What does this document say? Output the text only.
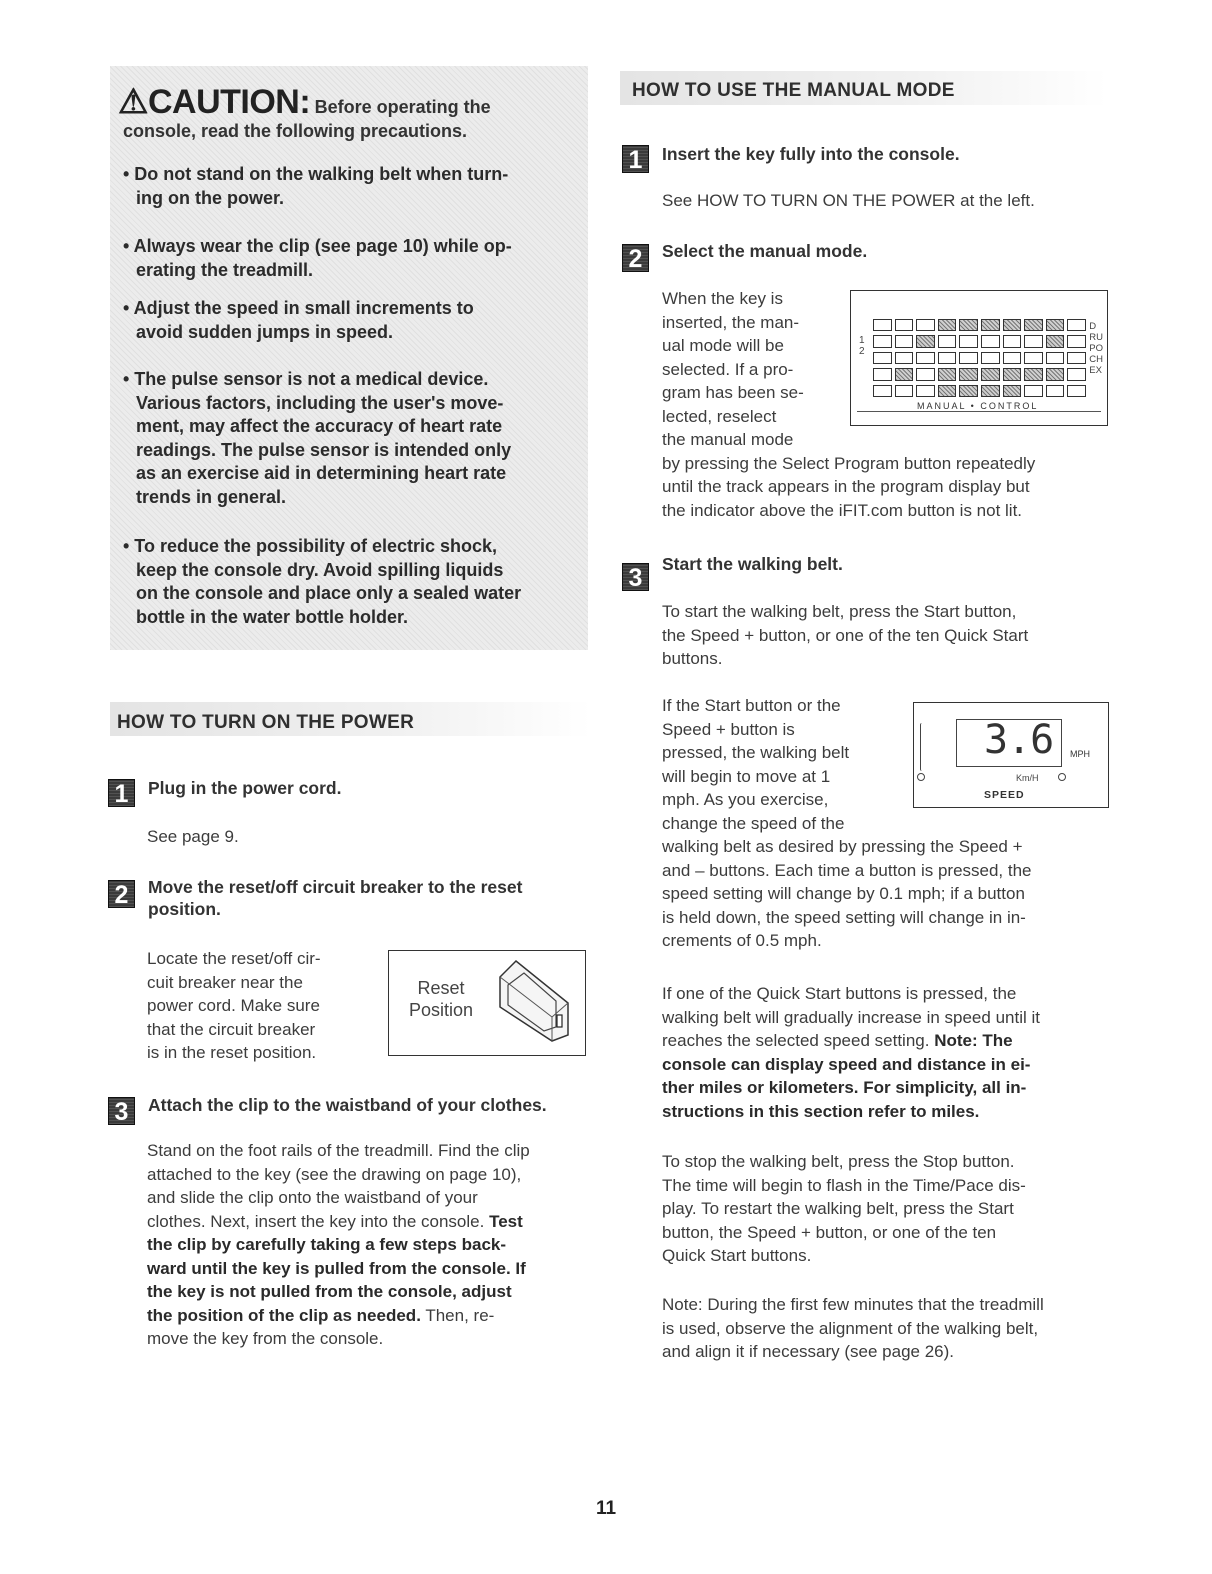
⚠CAUTION: Before operating the
console, read the following precautions.
• Do not stand on the walking belt when turn-
ing on the power.
• Always wear the clip (see page 10) while op-
erating the treadmill.
• Adjust the speed in small increments to
avoid sudden jumps in speed.
• The pulse sensor is not a medical device.
Various factors, including the user's move-
ment, may affect the accuracy of heart rate
readings. The pulse sensor is intended only
as an exercise aid in determining heart rate
trends in general.
• To reduce the possibility of electric shock,
keep the console dry. Avoid spilling liquids
on the console and place only a sealed water
bottle in the water bottle holder.
HOW TO TURN ON THE POWER
1	Plug in the power cord.
See page 9.
2	Move the reset/off circuit breaker to the reset
position.
Locate the reset/off cir-
cuit breaker near the
power cord. Make sure
that the circuit breaker
is in the reset position.
Reset
Position
3	Attach the clip to the waistband of your clothes.
Stand on the foot rails of the treadmill. Find the clip
attached to the key (see the drawing on page 10),
and slide the clip onto the waistband of your
clothes. Next, insert the key into the console. Test
the clip by carefully taking a few steps back-
ward until the key is pulled from the console. If
the key is not pulled from the console, adjust
the position of the clip as needed. Then, re-
move the key from the console.
HOW TO USE THE MANUAL MODE
1	Insert the key fully into the console.
See HOW TO TURN ON THE POWER at the left.
2	Select the manual mode.
When the key is
inserted, the man-
ual mode will be
selected. If a pro-
gram has been se-
lected, reselect
the manual mode
by pressing the Select Program button repeatedly
until the track appears in the program display but
the indicator above the iFIT.com button is not lit.
1
2
D
RU
PO
CH
EX
MANUAL • CONTROL
3	Start the walking belt.
To start the walking belt, press the Start button,
the Speed + button, or one of the ten Quick Start
buttons.
If the Start button or the
Speed + button is
pressed, the walking belt
will begin to move at 1
mph. As you exercise,
change the speed of the
walking belt as desired by pressing the Speed +
and – buttons. Each time a button is pressed, the
speed setting will change by 0.1 mph; if a button
is held down, the speed setting will change in in-
crements of 0.5 mph.
3.6 MPH
Km/H
SPEED
If one of the Quick Start buttons is pressed, the
walking belt will gradually increase in speed until it
reaches the selected speed setting. Note: The
console can display speed and distance in ei-
ther miles or kilometers. For simplicity, all in-
structions in this section refer to miles.
To stop the walking belt, press the Stop button.
The time will begin to flash in the Time/Pace dis-
play. To restart the walking belt, press the Start
button, the Speed + button, or one of the ten
Quick Start buttons.
Note: During the first few minutes that the treadmill
is used, observe the alignment of the walking belt,
and align it if necessary (see page 26).
11
